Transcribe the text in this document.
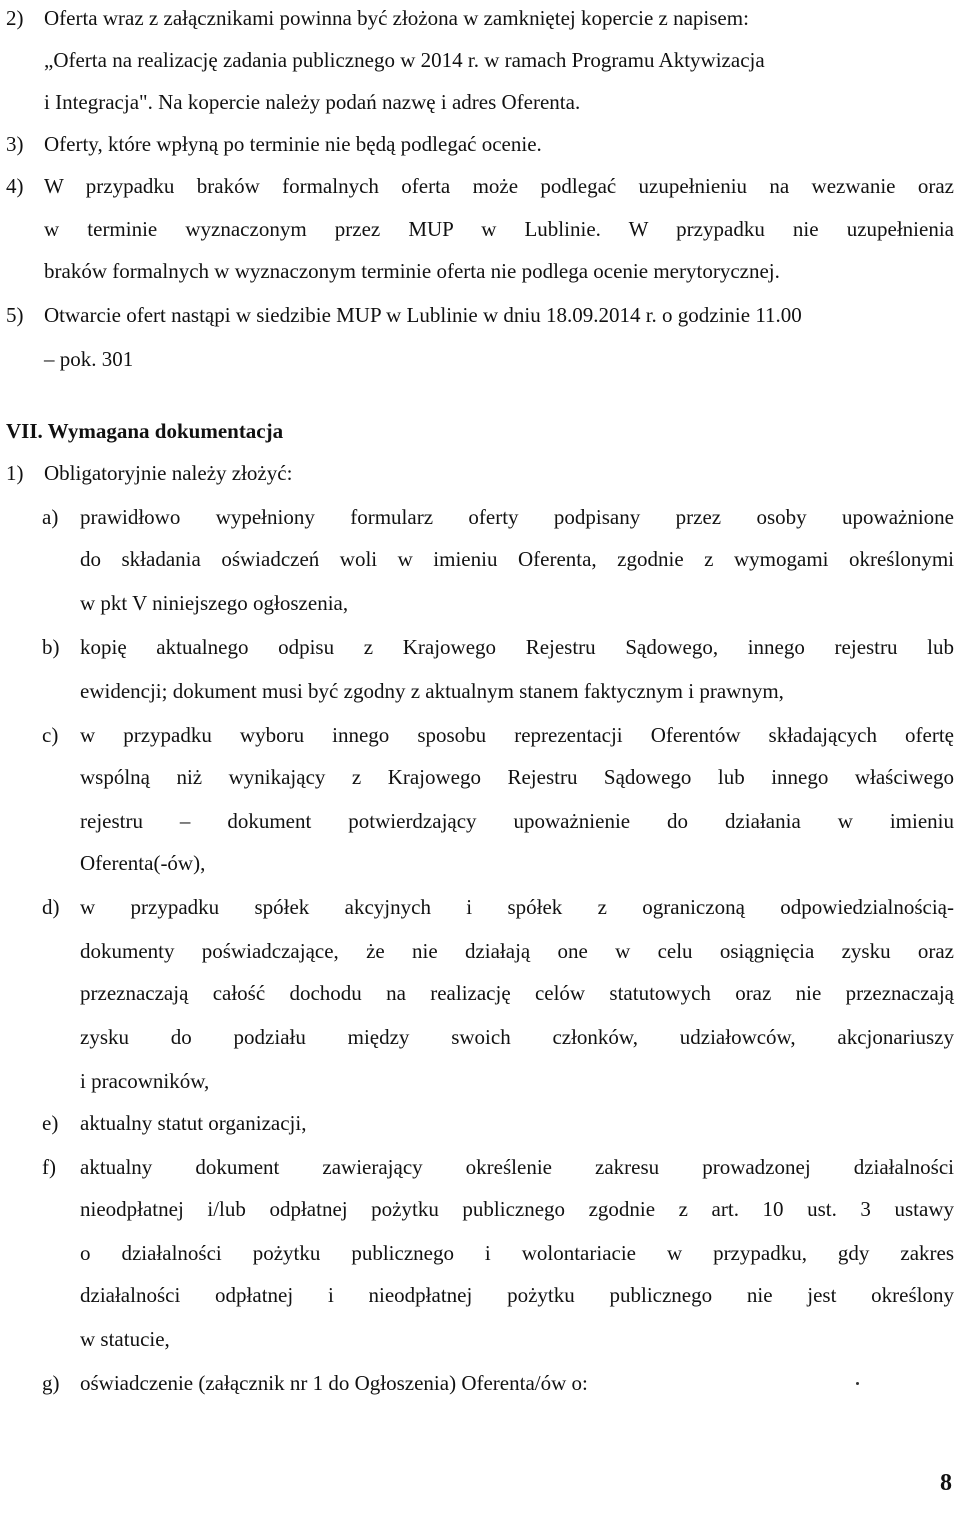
2) Oferta wraz z załącznikami powinna być złożona w zamkniętej kopercie z napisem:
„Oferta na realizację zadania publicznego w 2014 r. w ramach Programu Aktywizacja
i Integracja". Na kopercie należy podań nazwę i adres Oferenta.
3) Oferty, które wpłyną po terminie nie będą podlegać ocenie.
4) W przypadku braków formalnych oferta może podlegać uzupełnieniu na wezwanie oraz
w terminie wyznaczonym przez MUP w Lublinie. W przypadku nie uzupełnienia
braków formalnych w wyznaczonym terminie oferta nie podlega ocenie merytorycznej.
5) Otwarcie ofert nastąpi w siedzibie MUP w Lublinie w dniu 18.09.2014 r. o godzinie 11.00
– pok. 301
VII. Wymagana dokumentacja
1) Obligatoryjnie należy złożyć:
a) prawidłowo wypełniony formularz oferty podpisany przez osoby upoważnione
do składania oświadczeń woli w imieniu Oferenta, zgodnie z wymogami określonymi
w pkt V niniejszego ogłoszenia,
b) kopię aktualnego odpisu z Krajowego Rejestru Sądowego, innego rejestru lub
ewidencji; dokument musi być zgodny z aktualnym stanem faktycznym i prawnym,
c) w przypadku wyboru innego sposobu reprezentacji Oferentów składających ofertę
wspólną niż wynikający z Krajowego Rejestru Sądowego lub innego właściwego
rejestru – dokument potwierdzający upoważnienie do działania w imieniu
Oferenta(-ów),
d) w przypadku spółek akcyjnych i spółek z ograniczoną odpowiedzialnością-
dokumenty poświadczające, że nie działają one w celu osiągnięcia zysku oraz
przeznaczają całość dochodu na realizację celów statutowych oraz nie przeznaczają
zysku do podziału między swoich członków, udziałowców, akcjonariuszy
i pracowników,
e) aktualny statut organizacji,
f) aktualny dokument zawierający określenie zakresu prowadzonej działalności
nieodpłatnej i/lub odpłatnej pożytku publicznego zgodnie z art. 10 ust. 3 ustawy
o działalności pożytku publicznego i wolontariacie w przypadku, gdy zakres
działalności odpłatnej i nieodpłatnej pożytku publicznego nie jest określony
w statucie,
g) oświadczenie (załącznik nr 1 do Ogłoszenia) Oferenta/ów o:
8
